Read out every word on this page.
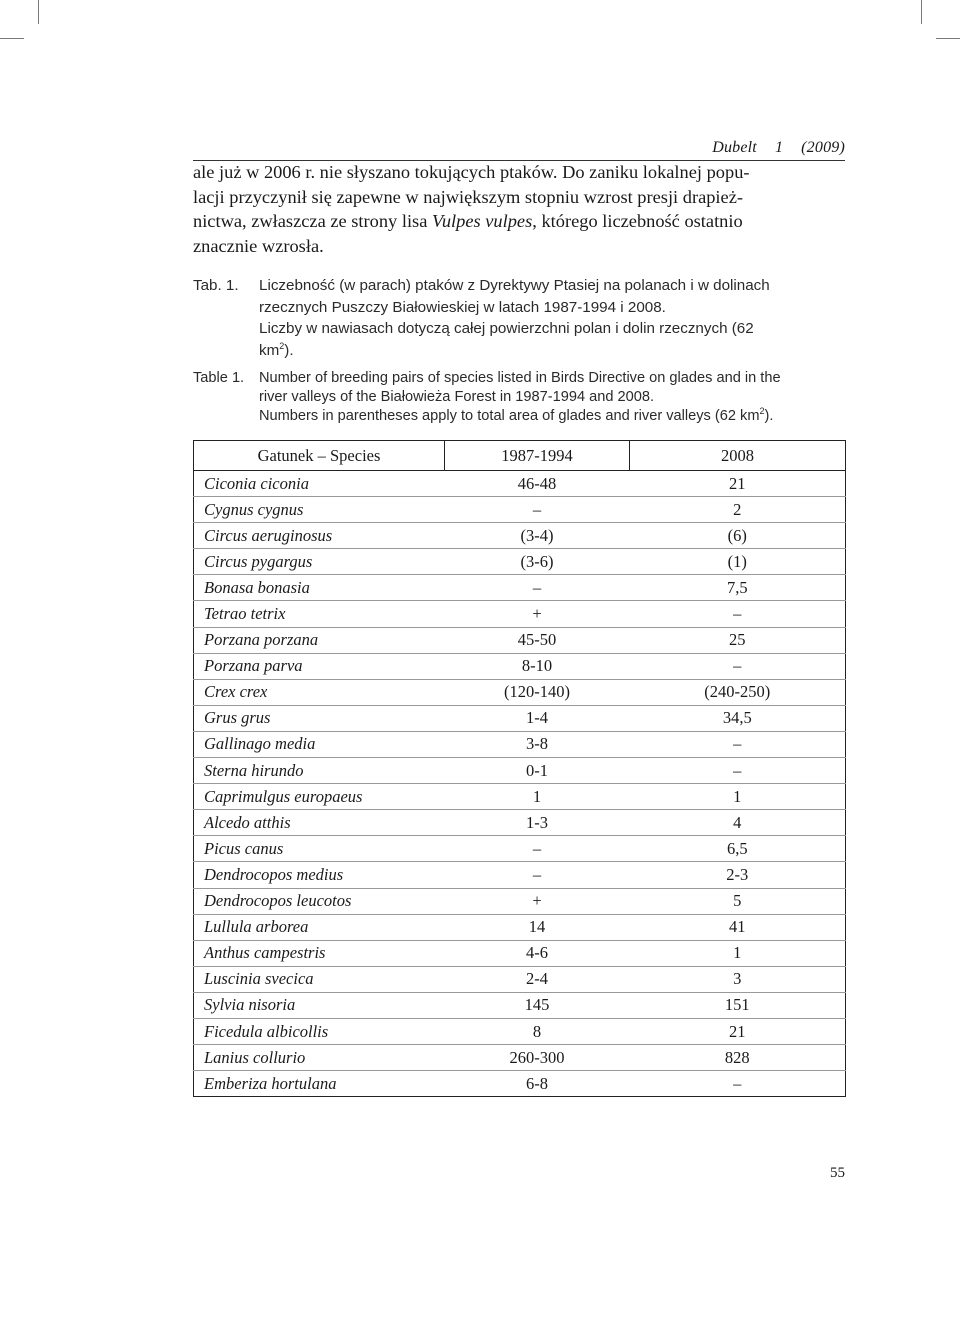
Dubelt 1 (2009)

ale już w 2006 r. nie słyszano tokujących ptaków. Do zaniku lokalnej popu-

lacji przyczynił się zapewne w największym stopniu wzrost presji drapież-

nictwa, zwłaszcza ze strony lisa Vulpes vulpes, którego liczebność ostatnio

znacznie wzrosła.

Tab. 1. Liczebność (w parach) ptaków z Dyrektywy Ptasiej na polanach i w dolinach
rzecznych Puszczy Białowieskiej w latach 1987-1994 i 2008.
Liczby w nawiasach dotyczą całej powierzchni polan i dolin rzecznych (62
$km^2$).
Table 1. Number of breeding pairs of species listed in Birds Directive on glades and in the
river valleys of the Białowieża Forest in 1987-1994 and 2008.
Numbers in parentheses apply to total area of glades and river valleys (62 $km^2$).
Gatunek – Species	1987-1994	2008
Ciconia ciconia	46-48	21
Cygnus cygnus	–	2
Circus aeruginosus	(3-4)	(6)
Circus pygargus	(3-6)	(1)
Bonasa bonasia	–	7,5
Tetrao tetrix	+	–
Porzana porzana	45-50	25
Porzana parva	8-10	–
Crex crex	(120-140)	(240-250)
Grus grus	1-4	34,5
Gallinago media	3-8	–
Sterna hirundo	0-1	–
Caprimulgus europaeus	1	1
Alcedo atthis	1-3	4
Picus canus	–	6,5
Dendrocopos medius	–	2-3
Dendrocopos leucotos	+	5
Lullula arborea	14	41
Anthus campestris	4-6	1
Luscinia svecica	2-4	3
Sylvia nisoria	145	151
Ficedula albicollis	8	21
Lanius collurio	260-300	828
Emberiza hortulana	6-8	–
55
